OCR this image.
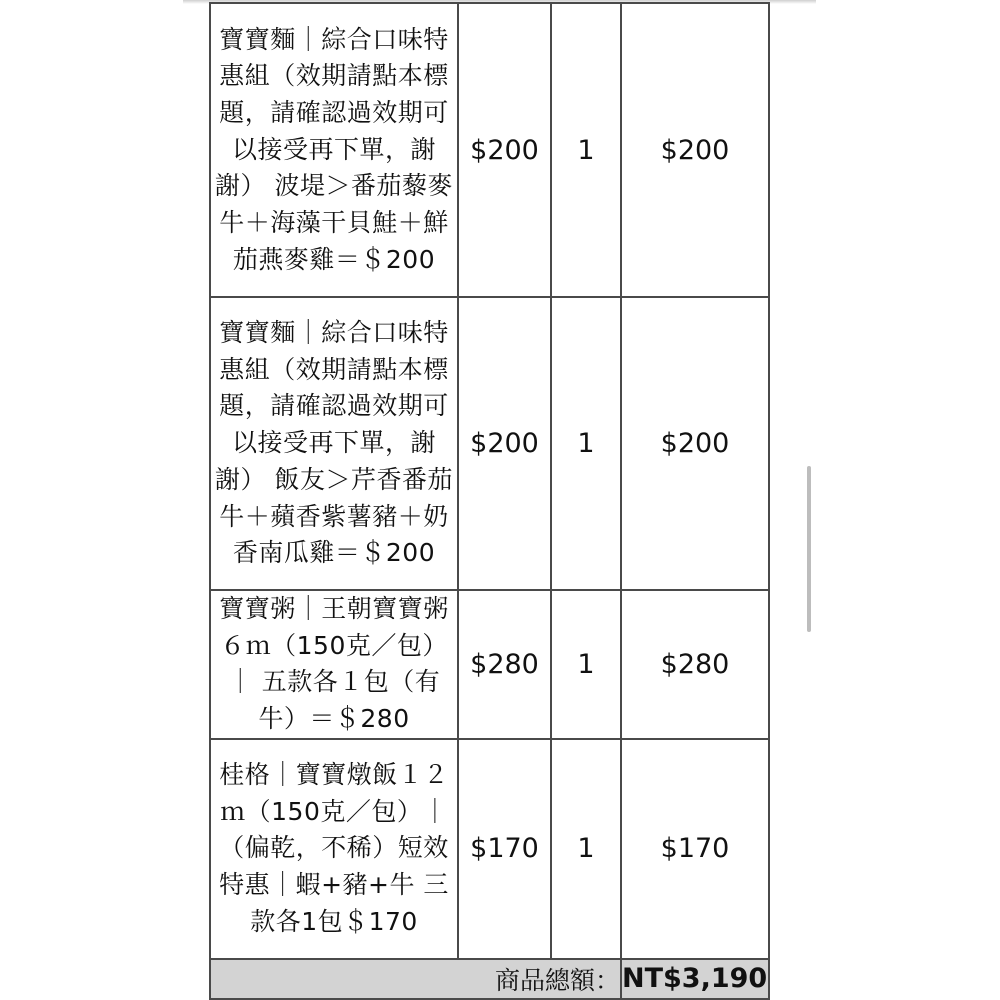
寶寶麵｜綜合口味特惠組（效期請點本標題，請確認過效期可以接受再下單，謝謝） 波堤＞番茄藜麥牛＋海藻干貝鮭＋鮮茄燕麥雞＝＄200	$200	1	$200
寶寶麵｜綜合口味特惠組（效期請點本標題，請確認過效期可以接受再下單，謝謝） 飯友＞芹香番茄牛＋蘋香紫薯豬＋奶香南瓜雞＝＄200	$200	1	$200
寶寶粥｜王朝寶寶粥６ｍ（150克／包）｜ 五款各１包（有牛）＝＄280	$280	1	$280
桂格｜寶寶燉飯１２ｍ（150克／包）｜（偏乾，不稀）短效特惠｜蝦+豬+牛 三款各1包＄170	$170	1	$170
商品總額：			NT$3,190
